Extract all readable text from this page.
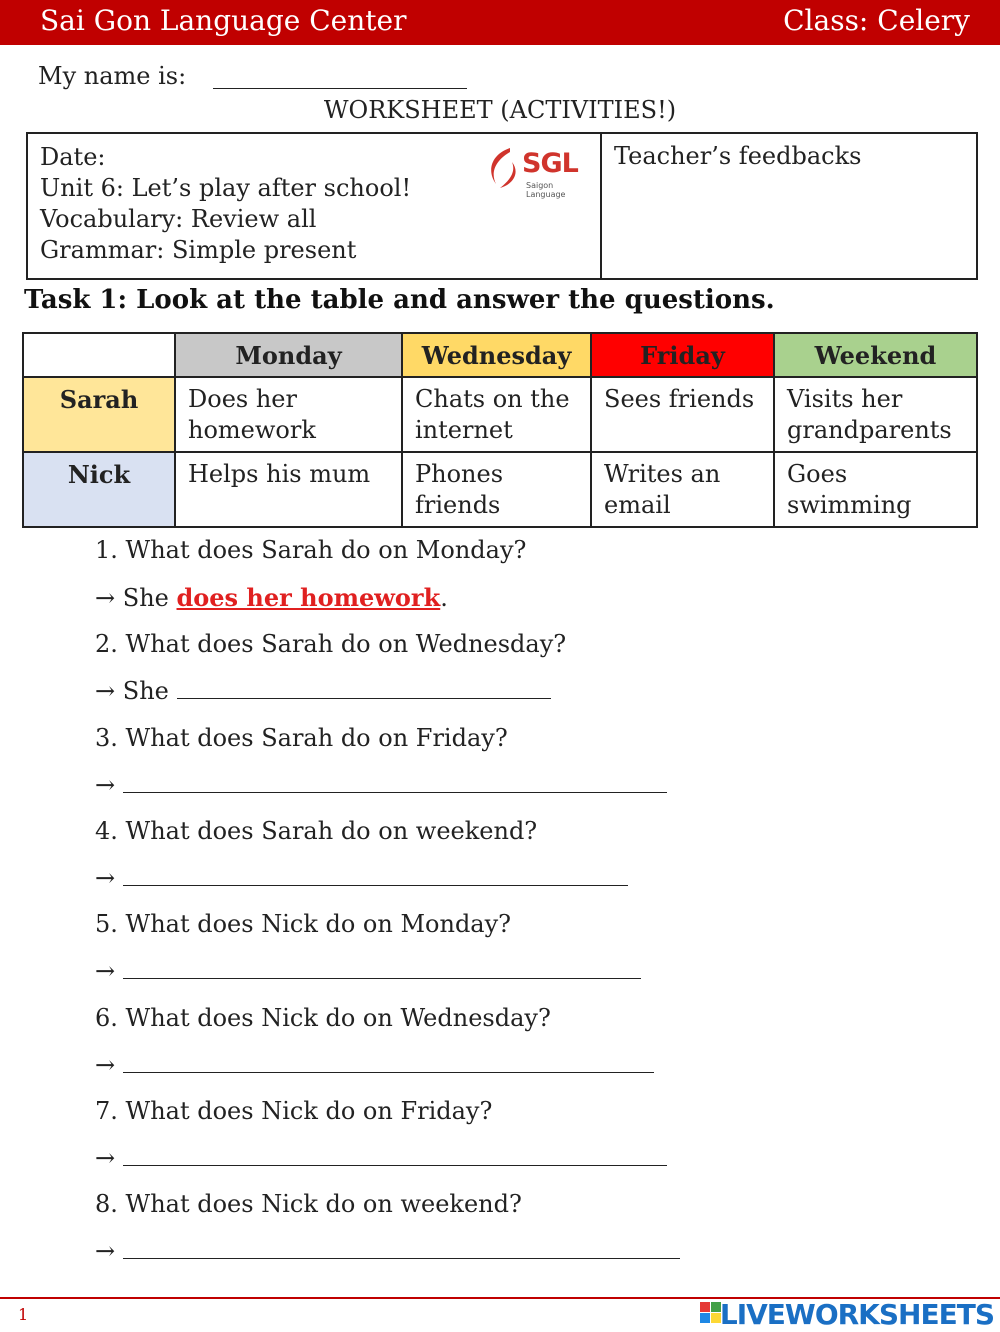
Sai Gon Language Center	Class: Celery
My name is:
WORKSHEET (ACTIVITIES!)
Date:
Unit 6: Let’s play after school!
Vocabulary: Review all
Grammar: Simple present
SGL
Saigon Language
Teacher’s feedbacks
Task 1: Look at the table and answer the questions.
	Monday	Wednesday	Friday	Weekend

Sarah	Does her homework	Chats on the internet	Sees friends	Visits her grandparents

Nick	Helps his mum	Phones friends	Writes an email	Goes swimming
1. What does Sarah do on Monday?
→ She does her homework.
2. What does Sarah do on Wednesday?
→ She
3. What does Sarah do on Friday?
→
4. What does Sarah do on weekend?
→
5. What does Nick do on Monday?
→
6. What does Nick do on Wednesday?
→
7. What does Nick do on Friday?
→
8. What does Nick do on weekend?
→
1	LIVEWORKSHEETS
